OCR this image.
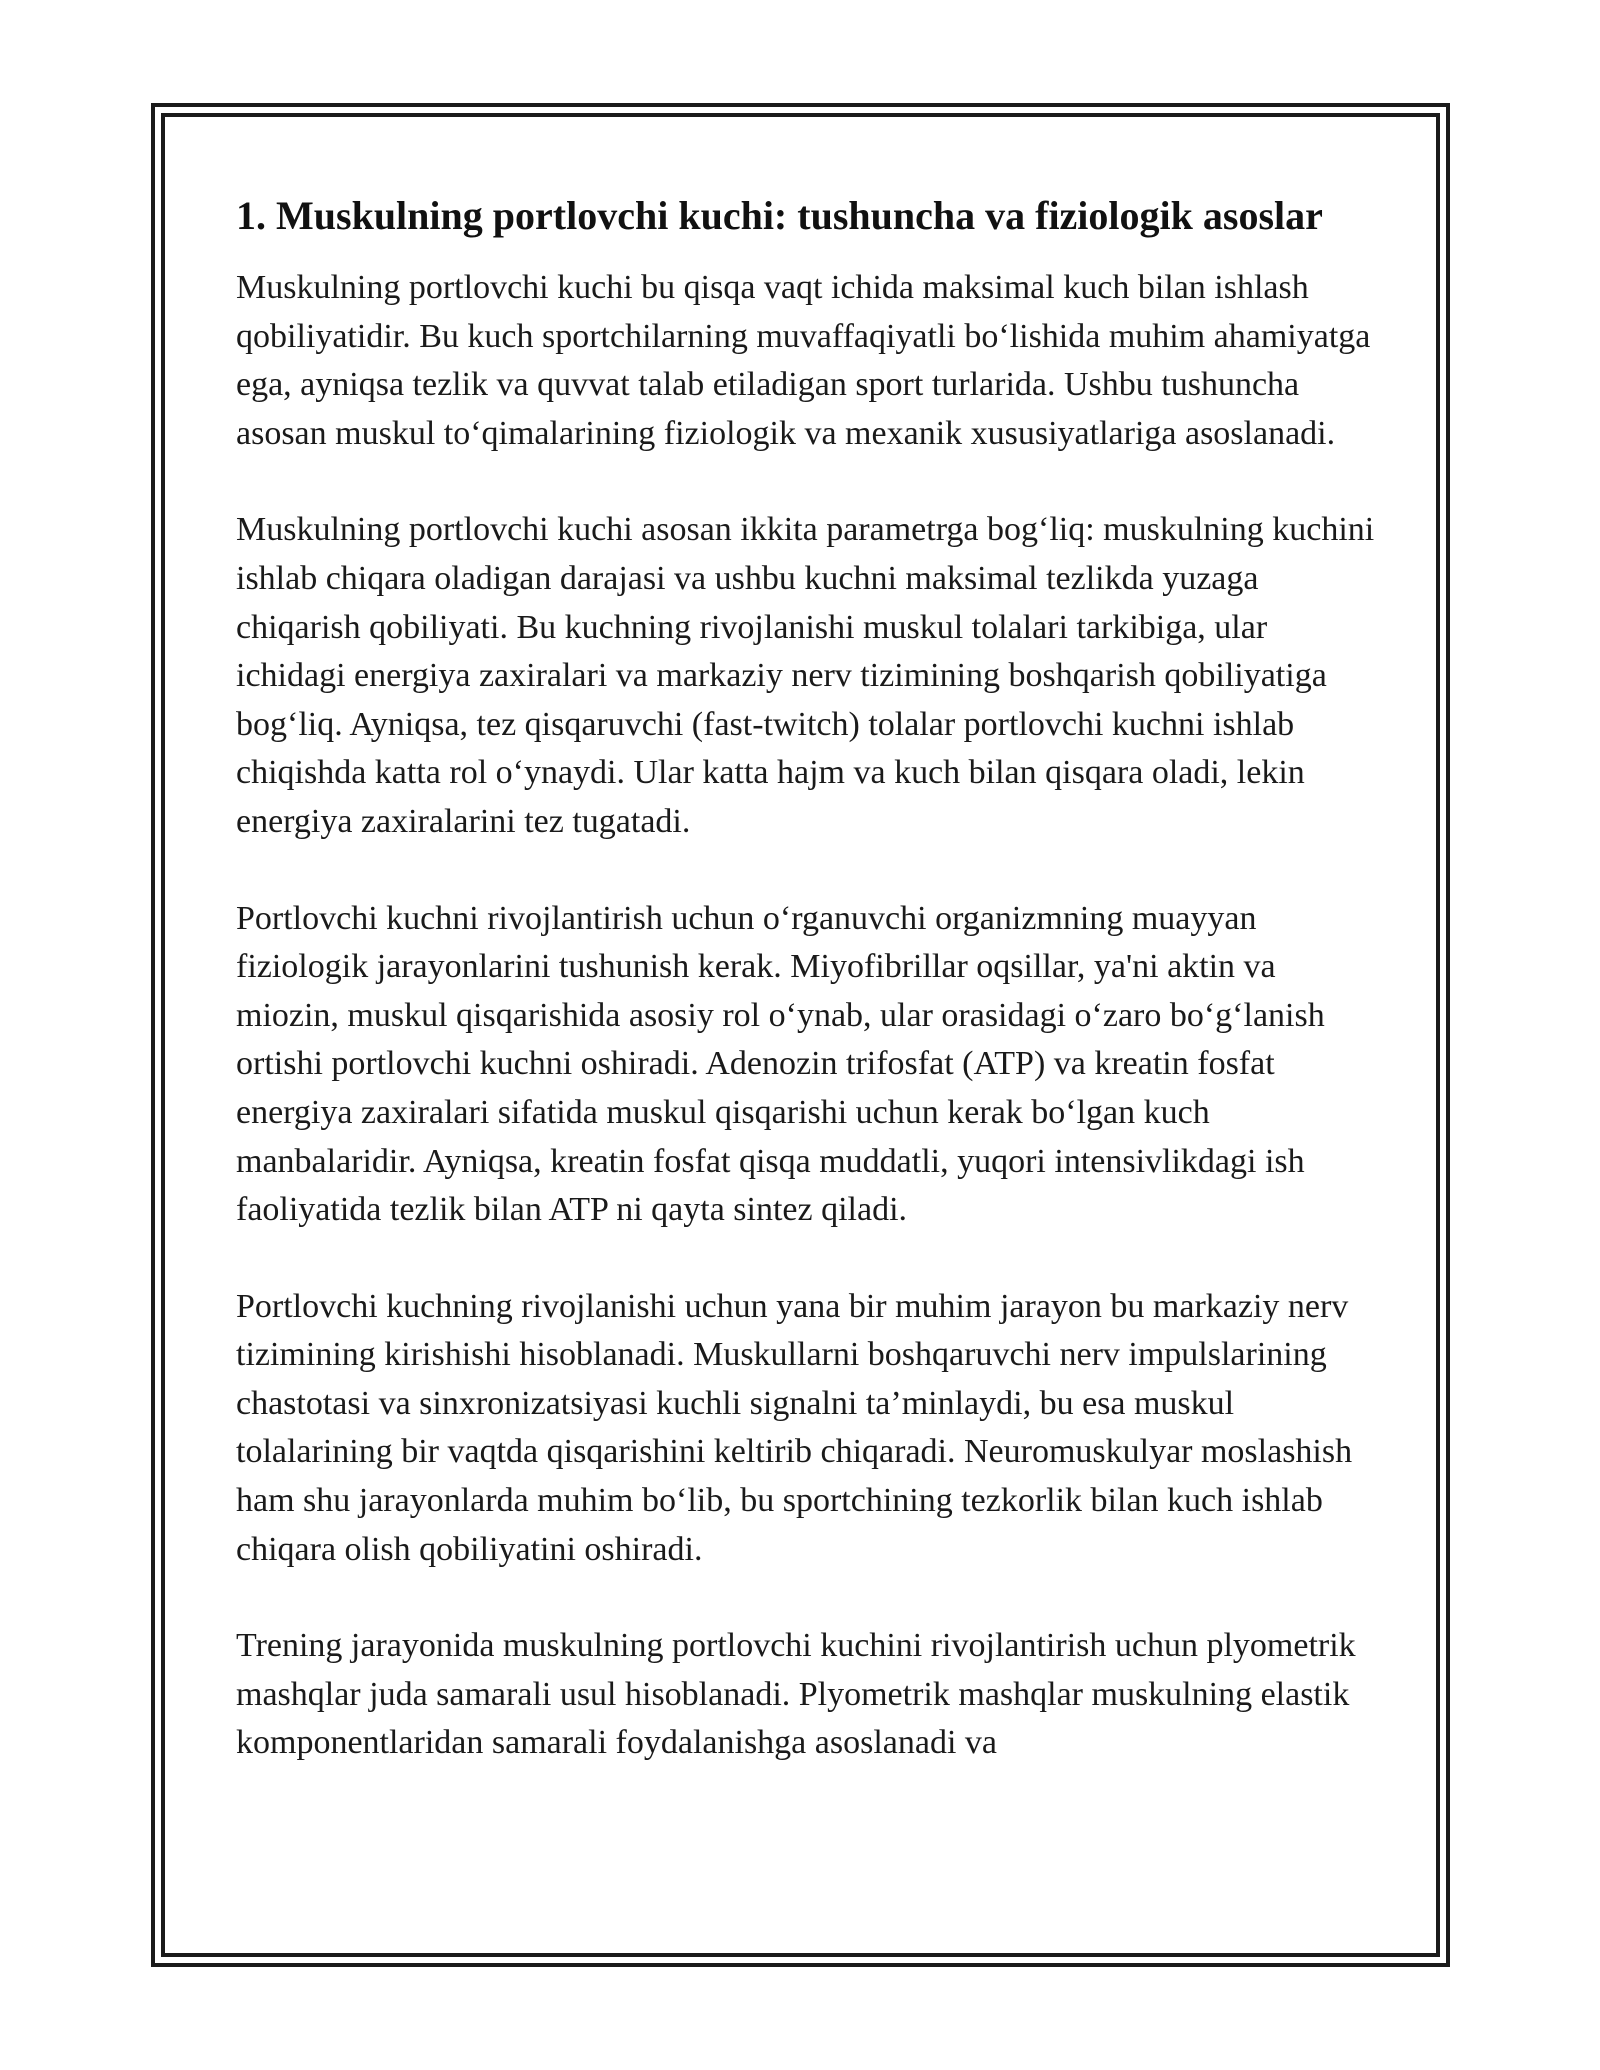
1. Muskulning portlovchi kuchi: tushuncha va fiziologik asoslar

Muskulning portlovchi kuchi bu qisqa vaqt ichida maksimal kuch bilan ishlash qobiliyatidir. Bu kuch sportchilarning muvaffaqiyatli bo‘lishida muhim ahamiyatga ega, ayniqsa tezlik va quvvat talab etiladigan sport turlarida. Ushbu tushuncha asosan muskul to‘qimalarining fiziologik va mexanik xususiyatlariga asoslanadi.

Muskulning portlovchi kuchi asosan ikkita parametrga bog‘liq: muskulning kuchini ishlab chiqara oladigan darajasi va ushbu kuchni maksimal tezlikda yuzaga chiqarish qobiliyati. Bu kuchning rivojlanishi muskul tolalari tarkibiga, ular ichidagi energiya zaxiralari va markaziy nerv tizimining boshqarish qobiliyatiga bog‘liq. Ayniqsa, tez qisqaruvchi (fast-twitch) tolalar portlovchi kuchni ishlab chiqishda katta rol o‘ynaydi. Ular katta hajm va kuch bilan qisqara oladi, lekin energiya zaxiralarini tez tugatadi.

Portlovchi kuchni rivojlantirish uchun o‘rganuvchi organizmning muayyan fiziologik jarayonlarini tushunish kerak. Miyofibrillar oqsillar, ya'ni aktin va miozin, muskul qisqarishida asosiy rol o‘ynab, ular orasidagi o‘zaro bo‘g‘lanish ortishi portlovchi kuchni oshiradi. Adenozin trifosfat (ATP) va kreatin fosfat energiya zaxiralari sifatida muskul qisqarishi uchun kerak bo‘lgan kuch manbalaridir. Ayniqsa, kreatin fosfat qisqa muddatli, yuqori intensivlikdagi ish faoliyatida tezlik bilan ATP ni qayta sintez qiladi.

Portlovchi kuchning rivojlanishi uchun yana bir muhim jarayon bu markaziy nerv tizimining kirishishi hisoblanadi. Muskullarni boshqaruvchi nerv impulslarining chastotasi va sinxronizatsiyasi kuchli signalni ta’minlaydi, bu esa muskul tolalarining bir vaqtda qisqarishini keltirib chiqaradi. Neuromuskulyar moslashish ham shu jarayonlarda muhim bo‘lib, bu sportchining tezkorlik bilan kuch ishlab chiqara olish qobiliyatini oshiradi.

Trening jarayonida muskulning portlovchi kuchini rivojlantirish uchun plyometrik mashqlar juda samarali usul hisoblanadi. Plyometrik mashqlar muskulning elastik komponentlaridan samarali foydalanishga asoslanadi va
